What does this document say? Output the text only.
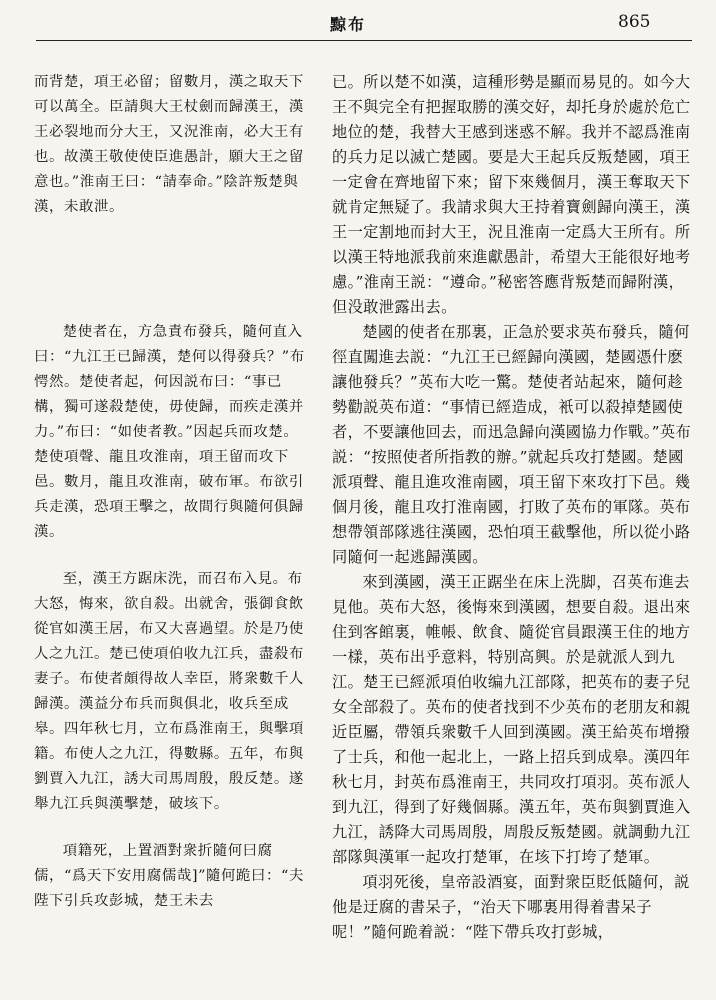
黥布	865

而背楚，項王必留；留數月，漢之取天下可以萬全。臣請與大王杖劍而歸漢王，漢王必裂地而分大王，又況淮南，必大王有也。故漢王敬使使臣進愚計，願大王之留意也。”淮南王曰：“請奉命。”陰許叛楚與漢，未敢泄。

楚使者在，方急責布發兵，隨何直入曰：“九江王已歸漢，楚何以得發兵？”布愕然。楚使者起，何因説布曰：“事已構，獨可遂殺楚使，毋使歸，而疾走漢并力。”布曰：“如使者教。”因起兵而攻楚。楚使項聲、龍且攻淮南，項王留而攻下邑。數月，龍且攻淮南，破布軍。布欲引兵走漢，恐項王擊之，故間行與隨何俱歸漢。

至，漢王方踞床洗，而召布入見。布大怒，悔來，欲自殺。出就舍，張御食飲從官如漢王居，布又大喜過望。於是乃使人之九江。楚已使項伯收九江兵，盡殺布妻子。布使者頗得故人幸臣，將衆數千人歸漢。漢益分布兵而與俱北，收兵至成皋。四年秋七月，立布爲淮南王，與擊項籍。布使人之九江，得數縣。五年，布與劉賈入九江，誘大司馬周殷，殷反楚。遂舉九江兵與漢擊楚，破垓下。

項籍死，上置酒對衆折隨何曰腐儒，“爲天下安用腐儒哉]”隨何跪曰：“夫陛下引兵攻彭城，楚王未去

已。所以楚不如漢，這種形勢是顯而易見的。如今大王不與完全有把握取勝的漢交好，却托身於處於危亡地位的楚，我替大王感到迷惑不解。我并不認爲淮南的兵力足以滅亡楚國。要是大王起兵反叛楚國，項王一定會在齊地留下來；留下來幾個月，漢王奪取天下就肯定無疑了。我請求與大王持着寶劍歸向漢王，漢王一定割地而封大王，況且淮南一定爲大王所有。所以漢王特地派我前來進獻愚計，希望大王能很好地考慮。”淮南王説：“遵命。”秘密答應背叛楚而歸附漢，但没敢泄露出去。

楚國的使者在那裏，正急於要求英布發兵，隨何徑直闖進去説：“九江王已經歸向漢國，楚國憑什麽讓他發兵？”英布大吃一驚。楚使者站起來，隨何趁勢勸説英布道：“事情已經造成，衹可以殺掉楚國使者，不要讓他回去，而迅急歸向漢國協力作戰。”英布説：“按照使者所指教的辦。”就起兵攻打楚國。楚國派項聲、龍且進攻淮南國，項王留下來攻打下邑。幾個月後，龍且攻打淮南國，打敗了英布的軍隊。英布想帶領部隊逃往漢國，恐怕項王截擊他，所以從小路同隨何一起逃歸漢國。

來到漢國，漢王正踞坐在床上洗脚，召英布進去見他。英布大怒，後悔來到漢國，想要自殺。退出來住到客館裏，帷帳、飲食、隨從官員跟漢王住的地方一樣，英布出乎意料，特别高興。於是就派人到九江。楚王已經派項伯收编九江部隊，把英布的妻子兒女全部殺了。英布的使者找到不少英布的老朋友和親近臣屬，帶領兵衆數千人回到漢國。漢王給英布增撥了士兵，和他一起北上，一路上招兵到成皋。漢四年秋七月，封英布爲淮南王，共同攻打項羽。英布派人到九江，得到了好幾個縣。漢五年，英布與劉賈進入九江，誘降大司馬周殷，周殷反叛楚國。就調動九江部隊與漢軍一起攻打楚軍，在垓下打垮了楚軍。

項羽死後，皇帝設酒宴，面對衆臣貶低隨何，説他是迂腐的書呆子，“治天下哪裏用得着書呆子呢！”隨何跪着説：“陛下帶兵攻打彭城，
